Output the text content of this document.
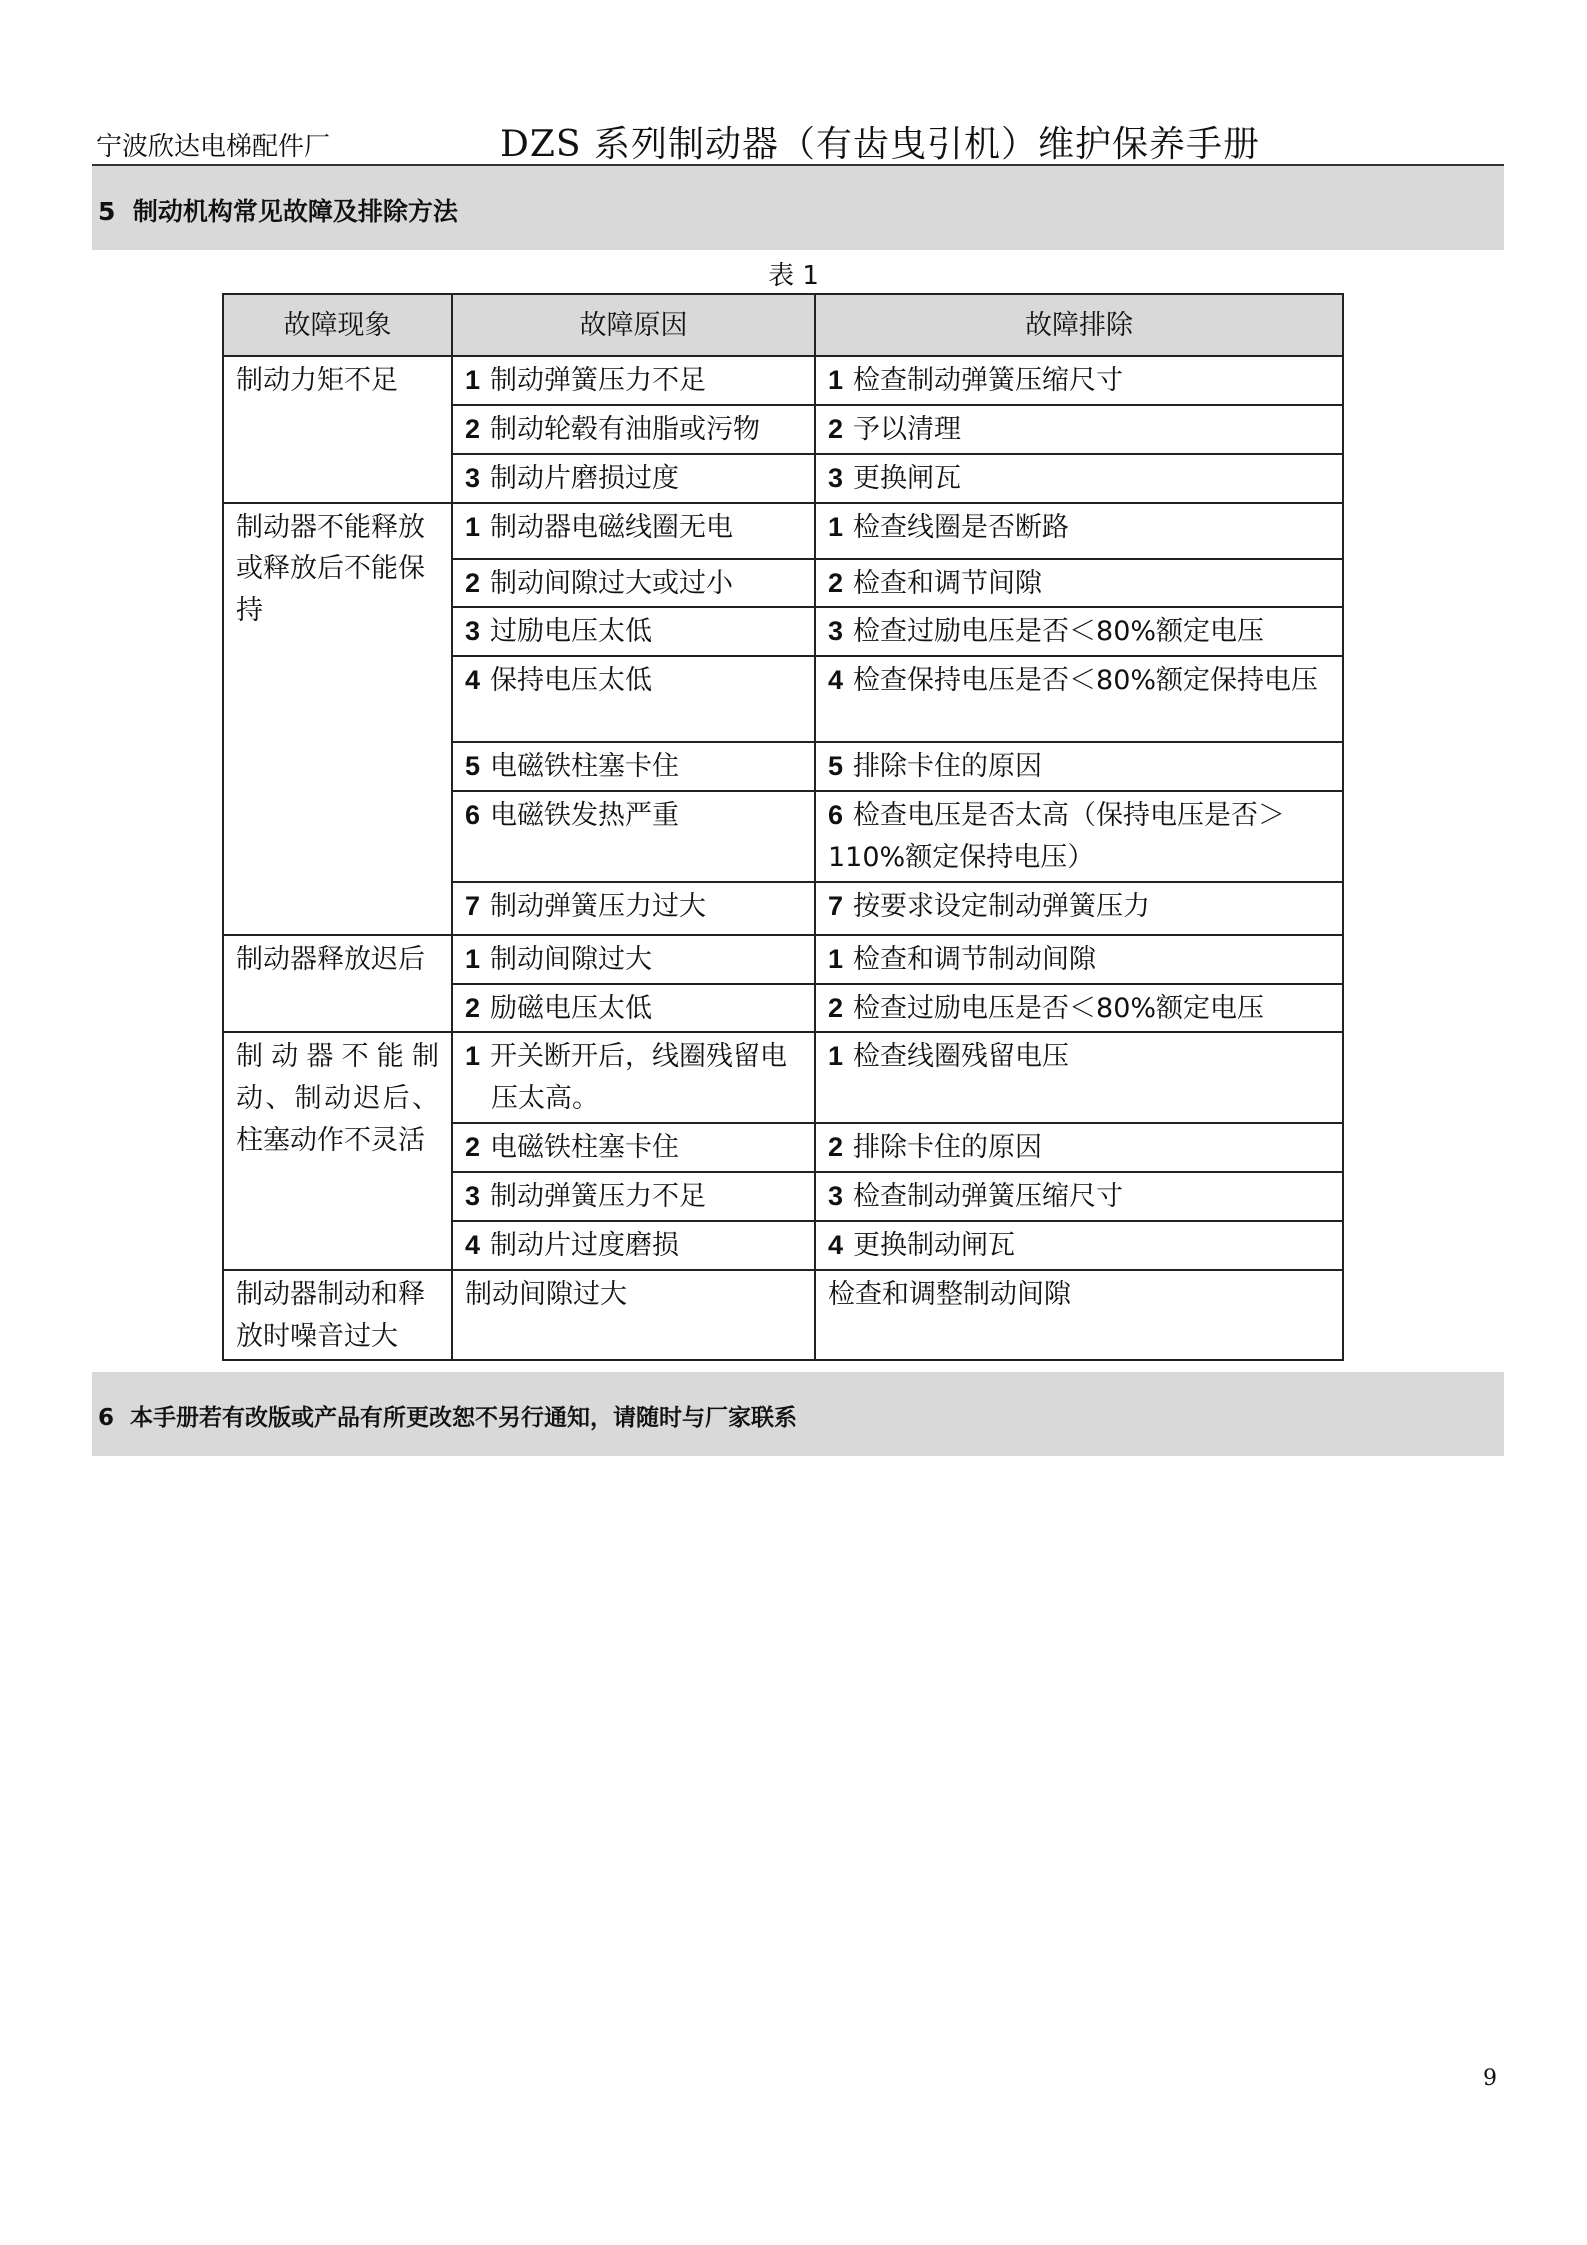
宁波欣达电梯配件厂	DZS 系列制动器（有齿曳引机）维护保养手册
5 制动机构常见故障及排除方法
表 1
故障现象	故障原因	故障排除
制动力矩不足	1 制动弹簧压力不足	1 检查制动弹簧压缩尺寸
	2 制动轮毂有油脂或污物	2 予以清理
	3 制动片磨损过度	3 更换闸瓦
制动器不能释放或释放后不能保持	1 制动器电磁线圈无电	1 检查线圈是否断路
	2 制动间隙过大或过小	2 检查和调节间隙
	3 过励电压太低	3 检查过励电压是否＜80%额定电压
	4 保持电压太低	4 检查保持电压是否＜80%额定保持电压
	5 电磁铁柱塞卡住	5 排除卡住的原因
	6 电磁铁发热严重	6 检查电压是否太高（保持电压是否＞110%额定保持电压）
	7 制动弹簧压力过大	7 按要求设定制动弹簧压力
制动器释放迟后	1 制动间隙过大	1 检查和调节制动间隙
	2 励磁电压太低	2 检查过励电压是否＜80%额定电压
制动器不能制动、制动迟后、柱塞动作不灵活	1 开关断开后，线圈残留电压太高。	1 检查线圈残留电压
	2 电磁铁柱塞卡住	2 排除卡住的原因
	3 制动弹簧压力不足	3 检查制动弹簧压缩尺寸
	4 制动片过度磨损	4 更换制动闸瓦
制动器制动和释放时噪音过大	制动间隙过大	检查和调整制动间隙
6 本手册若有改版或产品有所更改恕不另行通知，请随时与厂家联系
9
